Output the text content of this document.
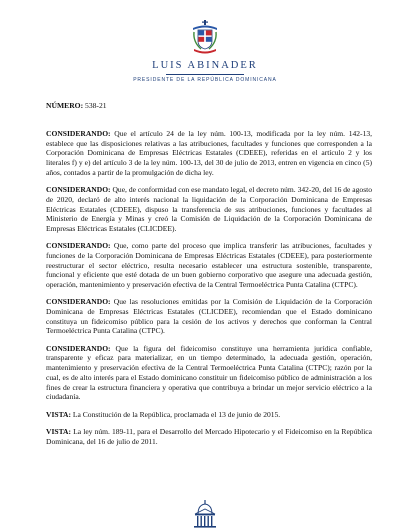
LUIS ABINADER
PRESIDENTE DE LA REPÚBLICA DOMINICANA
NÚMERO: 538-21

CONSIDERANDO: Que el artículo 24 de la ley núm. 100-13, modificada por la ley núm. 142-13, establece que las disposiciones relativas a las atribuciones, facultades y funciones que corresponden a la Corporación Dominicana de Empresas Eléctricas Estatales (CDEEE), referidas en el artículo 2 y los literales f) y e) del artículo 3 de la ley núm. 100-13, del 30 de julio de 2013, entren en vigencia en cinco (5) años, contados a partir de la promulgación de dicha ley.

CONSIDERANDO: Que, de conformidad con ese mandato legal, el decreto núm. 342-20, del 16 de agosto de 2020, declaró de alto interés nacional la liquidación de la Corporación Dominicana de Empresas Eléctricas Estatales (CDEEE), dispuso la transferencia de sus atribuciones, funciones y facultades al Ministerio de Energía y Minas y creó la Comisión de Liquidación de la Corporación Dominicana de Empresas Eléctricas Estatales (CLICDEE).

CONSIDERANDO: Que, como parte del proceso que implica transferir las atribuciones, facultades y funciones de la Corporación Dominicana de Empresas Eléctricas Estatales (CDEEE), para posteriormente reestructurar el sector eléctrico, resulta necesario establecer una estructura sostenible, transparente, funcional y eficiente que esté dotada de un buen gobierno corporativo que asegure una adecuada gestión, operación, mantenimiento y preservación efectiva de la Central Termoeléctrica Punta Catalina (CTPC).

CONSIDERANDO: Que las resoluciones emitidas por la Comisión de Liquidación de la Corporación Dominicana de Empresas Eléctricas Estatales (CLICDEE), recomiendan que el Estado dominicano constituya un fideicomiso público para la cesión de los activos y derechos que conforman la Central Termoeléctrica Punta Catalina (CTPC).

CONSIDERANDO: Que la figura del fideicomiso constituye una herramienta jurídica confiable, transparente y eficaz para materializar, en un tiempo determinado, la adecuada gestión, operación, mantenimiento y preservación efectiva de la Central Termoeléctrica Punta Catalina (CTPC); razón por la cual, es de alto interés para el Estado dominicano constituir un fideicomiso público de administración a los fines de crear la estructura financiera y operativa que contribuya a brindar un mejor servicio eléctrico a la ciudadanía.

VISTA: La Constitución de la República, proclamada el 13 de junio de 2015.

VISTA: La ley núm. 189-11, para el Desarrollo del Mercado Hipotecario y el Fideicomiso en la República Dominicana, del 16 de julio de 2011.
